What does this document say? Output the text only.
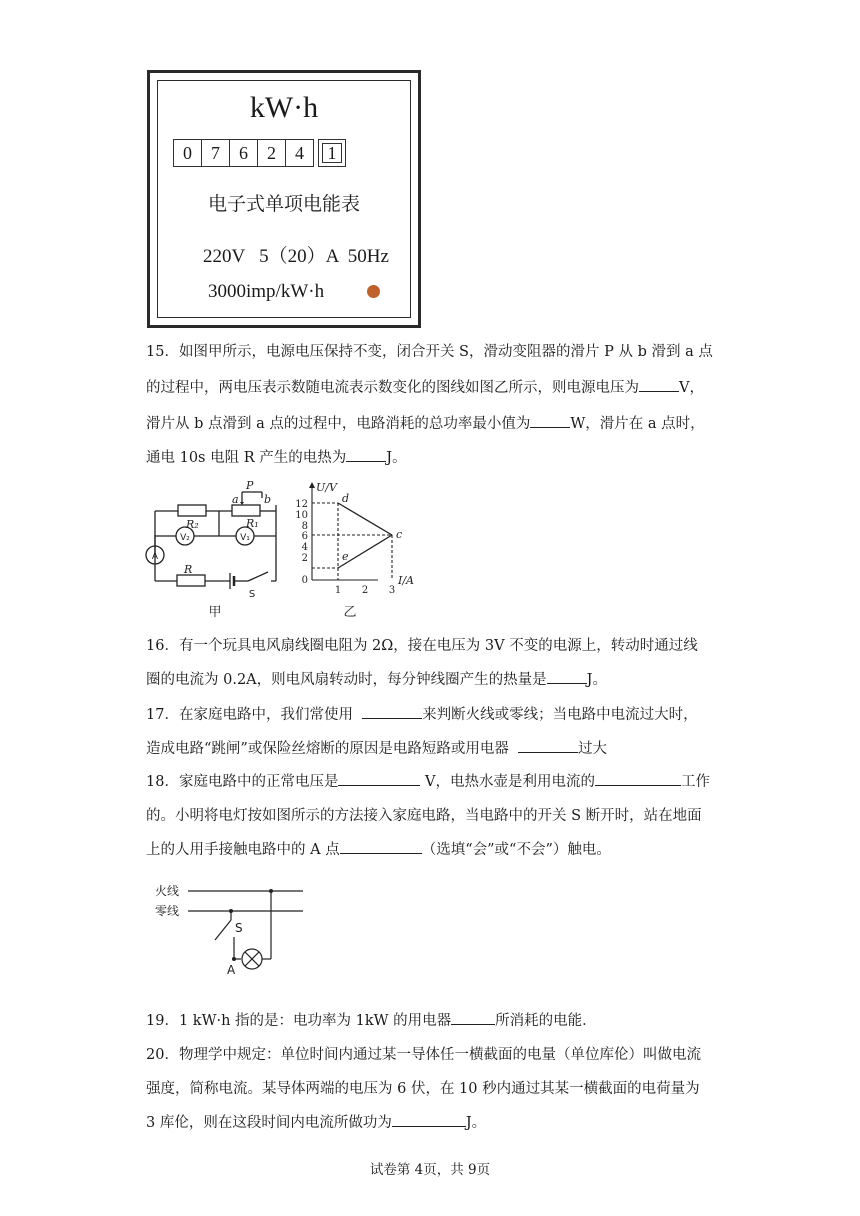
kW·h
0	7	6	2	4	1
电子式单项电能表
220V   5（20）A  50Hz
3000imp/kW·h
15．如图甲所示，电源电压保持不变，闭合开关 S，滑动变阻器的滑片 P 从 b 滑到 a 点
的过程中，两电压表示数随电流表示数变化的图线如图乙所示，则电源电压为	V，
滑片从 b 点滑到 a 点的过程中，电路消耗的总功率最小值为	W，滑片在 a 点时，
通电 10s 电阻 R 产生的电热为	J。
a
P
b
R₂	R₁
R
V₂	V₁
A
S
甲
U/V
I/A
d
c
e
12
10
8
6
4
2
0
1 2 3
乙
16．有一个玩具电风扇线圈电阻为 2Ω，接在电压为 3V 不变的电源上，转动时通过线
圈的电流为 0.2A，则电风扇转动时，每分钟线圈产生的热量是	J。
17．在家庭电路中，我们常使用	来判断火线或零线；当电路中电流过大时，
造成电路“跳闸”或保险丝熔断的原因是电路短路或用电器	过大
18．家庭电路中的正常电压是	V，电热水壶是利用电流的	工作
的。小明将电灯按如图所示的方法接入家庭电路，当电路中的开关 S 断开时，站在地面
上的人用手接触电路中的 A 点	（选填“会”或“不会”）触电。
火线
零线
S
A
19．1 kW·h 指的是：电功率为 1kW 的用电器	所消耗的电能．
20．物理学中规定：单位时间内通过某一导体任一横截面的电量（单位库伦）叫做电流
强度，简称电流。某导体两端的电压为 6 伏，在 10 秒内通过其某一横截面的电荷量为
3 库伦，则在这段时间内电流所做功为	J。
试卷第 4页，共 9页
